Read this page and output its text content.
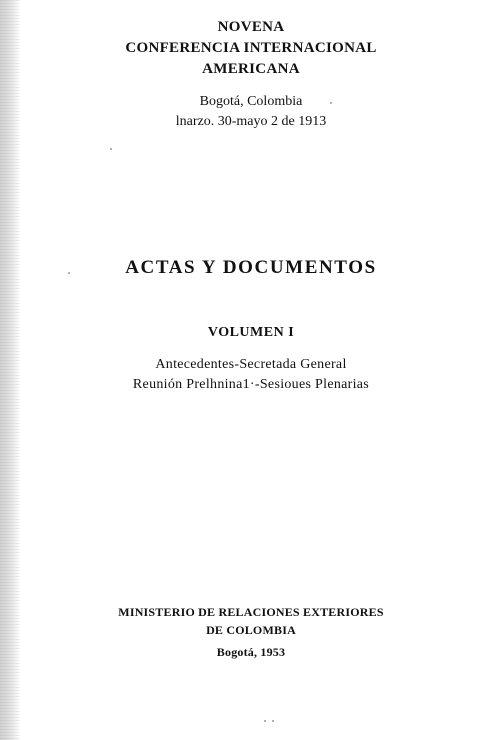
NOVENA
CONFERENCIA INTERNACIONAL
AMERICANA
Bogotá, Colombia
lnarzo. 30-mayo 2 de 1913
ACTAS Y DOCUMENTOS
VOLUMEN I
Antecedentes-Secretada General
Reunión Prelhnina1·-Sesioues Plenarias
MINISTERIO DE RELACIONES EXTERIORES
DE COLOMBIA
Bogotá, 1953
